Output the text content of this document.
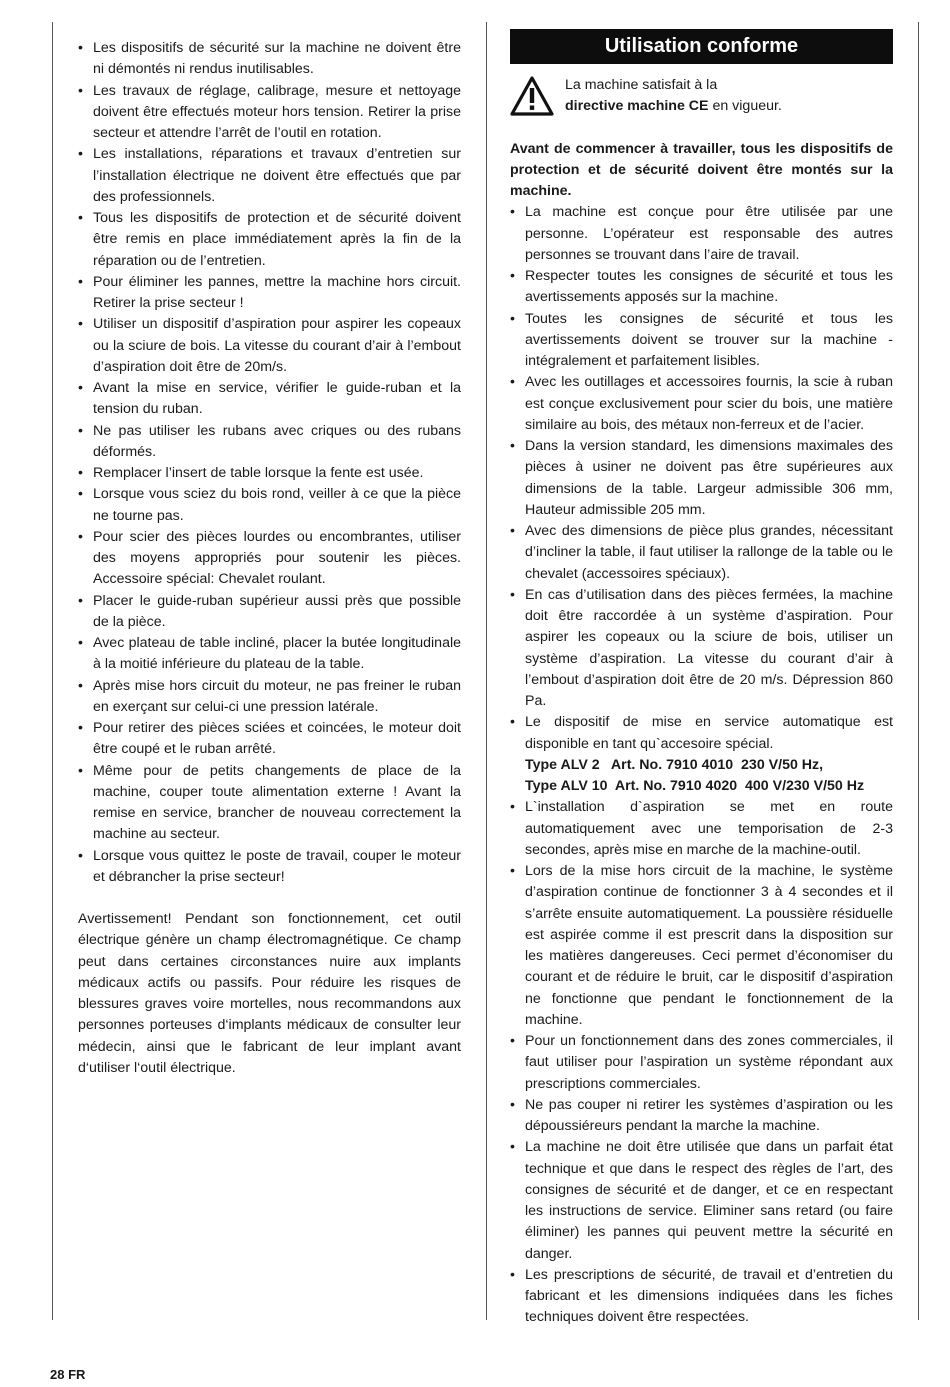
• Les dispositifs de sécurité sur la machine ne doivent être ni démontés ni rendus inutilisables.
• Les travaux de réglage, calibrage, mesure et nettoyage doivent être effectués moteur hors tension. Retirer la prise secteur et attendre l’arrêt de l’outil en rotation.
• Les installations, réparations et travaux d’entretien sur l’installation électrique ne doivent être effectués que par des professionnels.
• Tous les dispositifs de protection et de sécurité doivent être remis en place immédiatement après la fin de la réparation ou de l’entretien.
• Pour éliminer les pannes, mettre la machine hors circuit. Retirer la prise secteur !
• Utiliser un dispositif d’aspiration pour aspirer les copeaux ou la sciure de bois. La vitesse du courant d’air à l’embout d’aspiration doit être de 20m/s.
• Avant la mise en service, vérifier le guide-ruban et la tension du ruban.
• Ne pas utiliser les rubans avec criques ou des rubans déformés.
• Remplacer l’insert de table lorsque la fente est usée.
• Lorsque vous sciez du bois rond, veiller à ce que la pièce ne tourne pas.
• Pour scier des pièces lourdes ou encombrantes, utiliser des moyens appropriés pour soutenir les pièces. Accessoire spécial: Chevalet roulant.
• Placer le guide-ruban supérieur aussi près que possible de la pièce.
• Avec plateau de table incliné, placer la butée longitudinale à la moitié inférieure du plateau de la table.
• Après mise hors circuit du moteur, ne pas freiner le ruban en exerçant sur celui-ci une pression latérale.
• Pour retirer des pièces sciées et coincées, le moteur doit être coupé et le ruban arrêté.
• Même pour de petits changements de place de la machine, couper toute alimentation externe ! Avant la remise en service, brancher de nouveau correctement la machine au secteur.
• Lorsque vous quittez le poste de travail, couper le moteur et débrancher la prise secteur!

Avertissement! Pendant son fonctionnement, cet outil électrique génère un champ électromagnétique. Ce champ peut dans certaines circonstances nuire aux implants médicaux actifs ou passifs. Pour réduire les risques de blessures graves voire mortelles, nous recommandons aux personnes porteuses d‘implants médicaux de consulter leur médecin, ainsi que le fabricant de leur implant avant d‘utiliser l‘outil électrique.

Utilisation conforme
La machine satisfait à la
directive machine CE en vigueur.

Avant de commencer à travailler, tous les dispositifs de protection et de sécurité doivent être montés sur la machine.

• La machine est conçue pour être utilisée par une personne. L’opérateur est responsable des autres personnes se trouvant dans l’aire de travail.
• Respecter toutes les consignes de sécurité et tous les avertissements apposés sur la machine.
• Toutes les consignes de sécurité et tous les avertissements doivent se trouver sur la machine - intégralement et parfaitement lisibles.
• Avec les outillages et accessoires fournis, la scie à ruban est conçue exclusivement pour scier du bois, une matière similaire au bois, des métaux non-ferreux et de l’acier.
• Dans la version standard, les dimensions maximales des pièces à usiner ne doivent pas être supérieures aux dimensions de la table. Largeur admissible 306 mm, Hauteur admissible 205 mm.
• Avec des dimensions de pièce plus grandes, nécessitant d’incliner la table, il faut utiliser la rallonge de la table ou le chevalet (accessoires spéciaux).
• En cas d’utilisation dans des pièces fermées, la machine doit être raccordée à un système d’aspiration. Pour aspirer les copeaux ou la sciure de bois, utiliser un système d’aspiration. La vitesse du courant d’air à l’embout d’aspiration doit être de 20 m/s. Dépression 860 Pa.
• Le dispositif de mise en service automatique est disponible en tant qu`accesoire spécial.
Type ALV 2   Art. No. 7910 4010  230 V/50 Hz,
Type ALV 10  Art. No. 7910 4020  400 V/230 V/50 Hz
• L`installation d`aspiration se met en route automatiquement avec une temporisation de 2-3 secondes, après mise en marche de la machine-outil.
• Lors de la mise hors circuit de la machine, le système d’aspiration continue de fonctionner 3 à 4 secondes et il s’arrête ensuite automatiquement. La poussière résiduelle est aspirée comme il est prescrit dans la disposition sur les matières dangereuses. Ceci permet d’économiser du courant et de réduire le bruit, car le dispositif d’aspiration ne fonctionne que pendant le fonctionnement de la machine.
• Pour un fonctionnement dans des zones commerciales, il faut utiliser pour l’aspiration un système répondant aux prescriptions commerciales.
• Ne pas couper ni retirer les systèmes d’aspiration ou les dépoussiéreurs pendant la marche la machine.
• La machine ne doit être utilisée que dans un parfait état technique et que dans le respect des règles de l’art, des consignes de sécurité et de danger, et ce en respectant les instructions de service. Eliminer sans retard (ou faire éliminer) les pannes qui peuvent mettre la sécurité en danger.
• Les prescriptions de sécurité, de travail et d’entretien du fabricant et les dimensions indiquées dans les fiches techniques doivent être respectées.
28 FR
